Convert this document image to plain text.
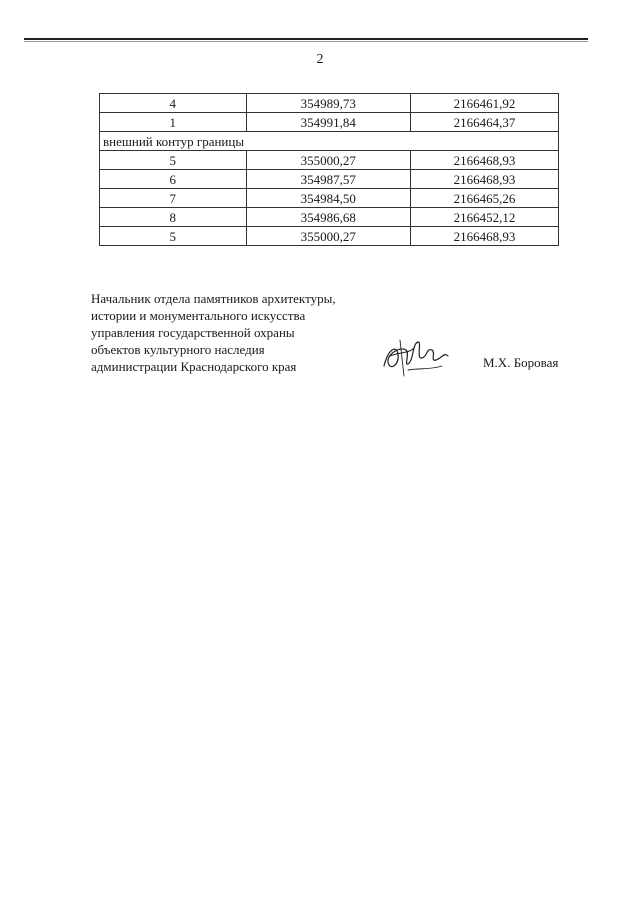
2
4	354989,73	2166461,92
1	354991,84	2166464,37
внешний контур границы		
5	355000,27	2166468,93
6	354987,57	2166468,93
7	354984,50	2166465,26
8	354986,68	2166452,12
5	355000,27	2166468,93
Начальник отдела памятников архитектуры,
истории и монументального искусства
управления государственной охраны
объектов культурного наследия
администрации Краснодарского края	М.Х. Боровая
